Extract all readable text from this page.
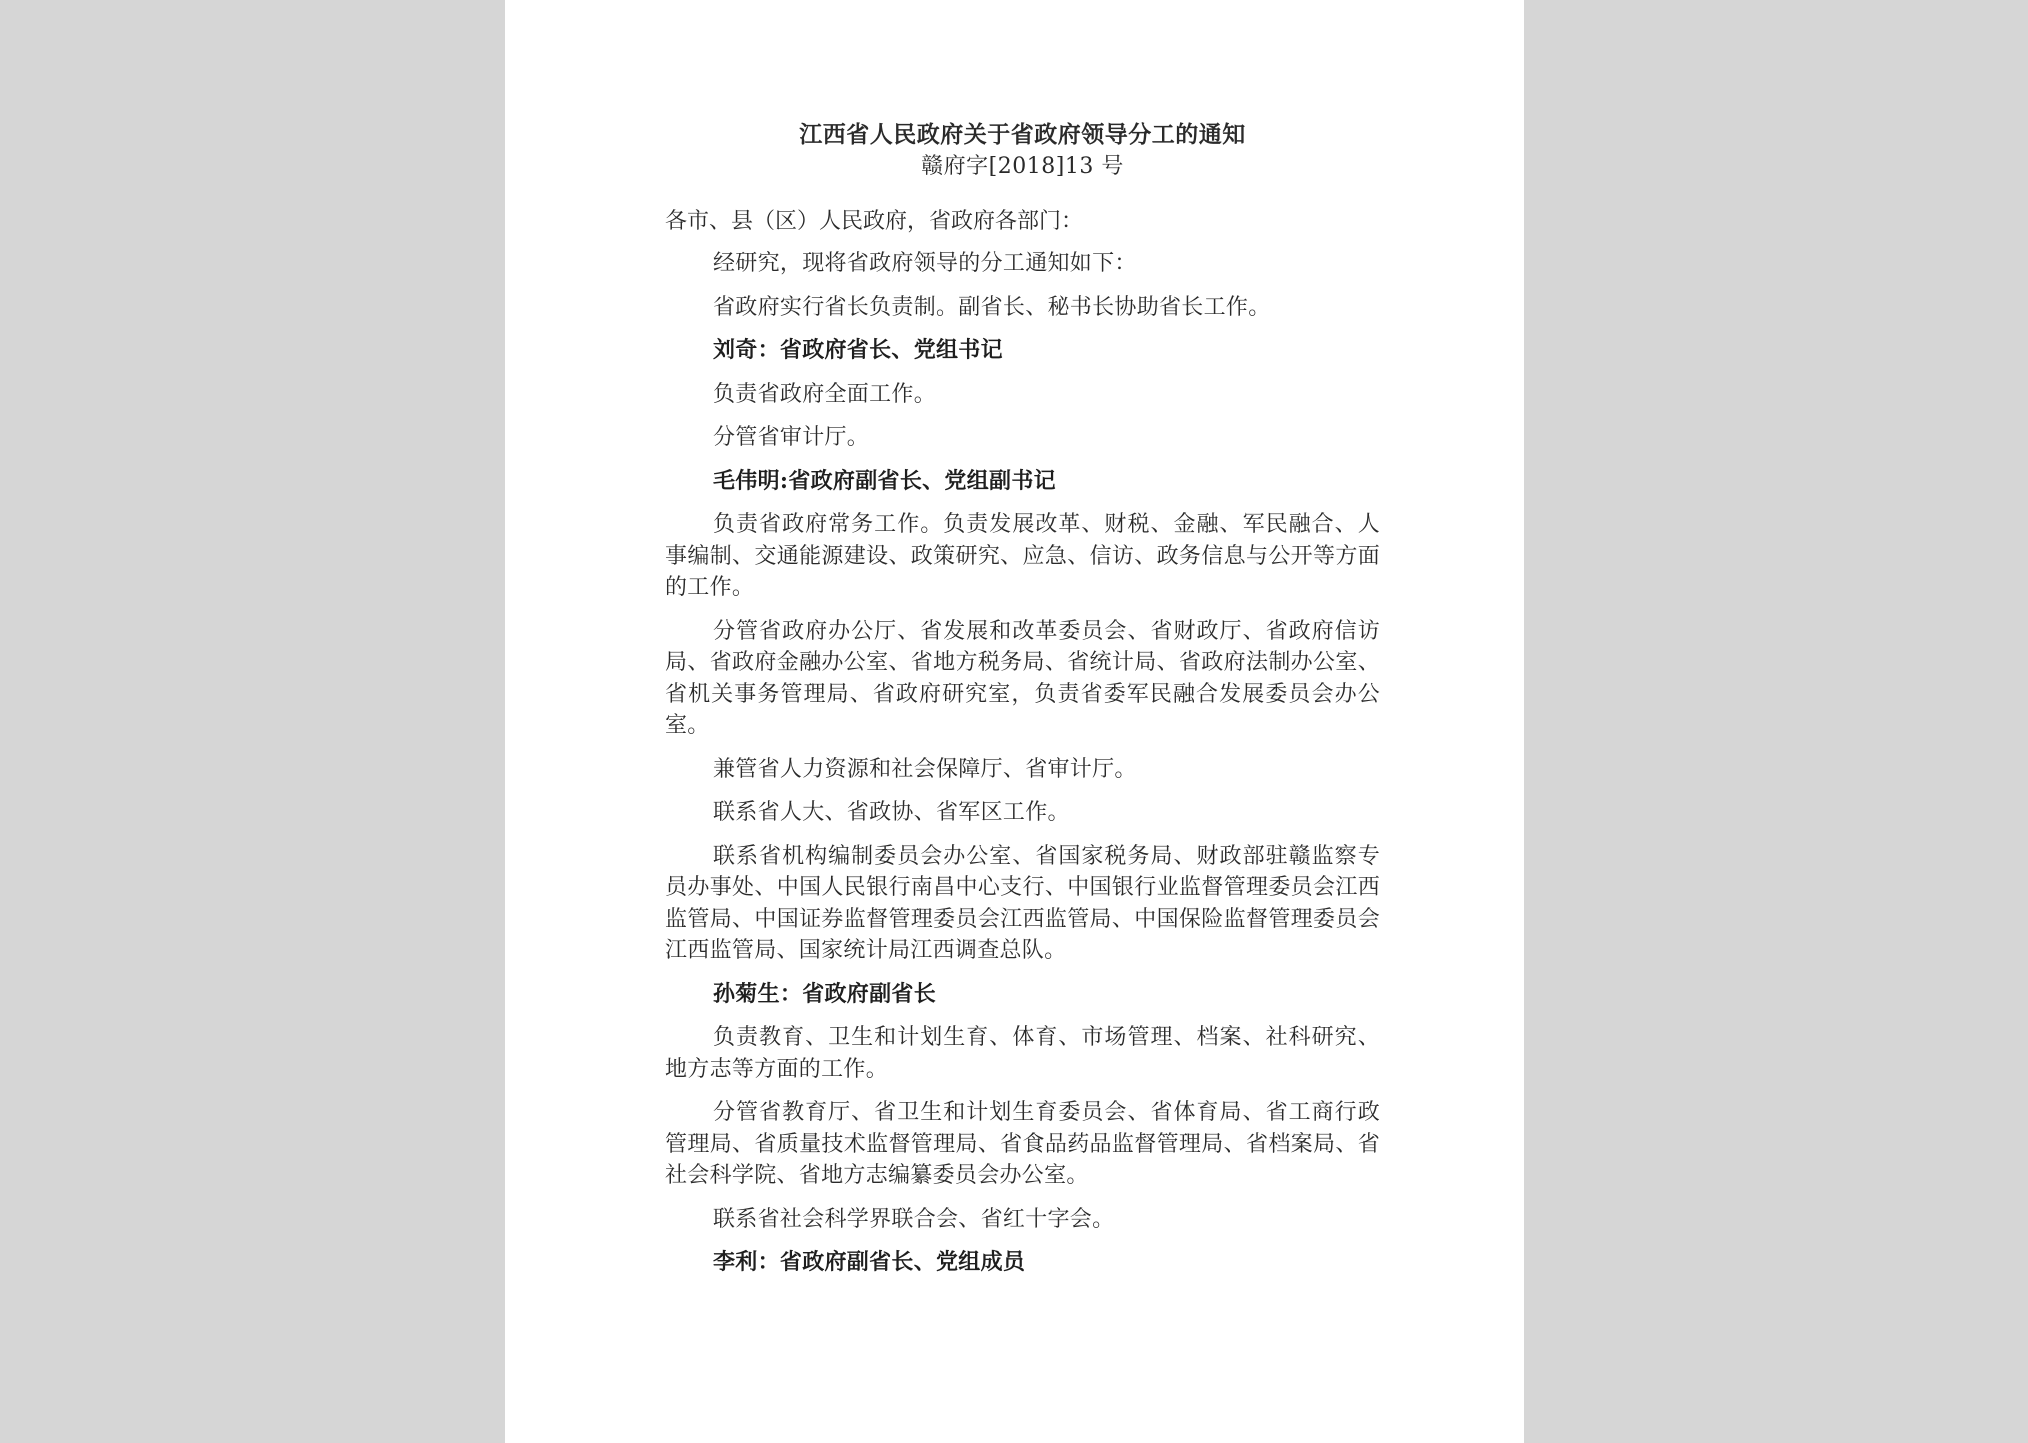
江西省人民政府关于省政府领导分工的通知
赣府字[2018]13 号
各市、县（区）人民政府，省政府各部门：

经研究，现将省政府领导的分工通知如下：

省政府实行省长负责制。副省长、秘书长协助省长工作。

刘奇：省政府省长、党组书记

负责省政府全面工作。

分管省审计厅。

毛伟明:省政府副省长、党组副书记

负责省政府常务工作。负责发展改革、财税、金融、军民融合、人事编制、交通能源建设、政策研究、应急、信访、政务信息与公开等方面的工作。

分管省政府办公厅、省发展和改革委员会、省财政厅、省政府信访局、省政府金融办公室、省地方税务局、省统计局、省政府法制办公室、省机关事务管理局、省政府研究室，负责省委军民融合发展委员会办公室。

兼管省人力资源和社会保障厅、省审计厅。

联系省人大、省政协、省军区工作。

联系省机构编制委员会办公室、省国家税务局、财政部驻赣监察专员办事处、中国人民银行南昌中心支行、中国银行业监督管理委员会江西监管局、中国证券监督管理委员会江西监管局、中国保险监督管理委员会江西监管局、国家统计局江西调查总队。

孙菊生：省政府副省长

负责教育、卫生和计划生育、体育、市场管理、档案、社科研究、地方志等方面的工作。

分管省教育厅、省卫生和计划生育委员会、省体育局、省工商行政管理局、省质量技术监督管理局、省食品药品监督管理局、省档案局、省社会科学院、省地方志编纂委员会办公室。

联系省社会科学界联合会、省红十字会。

李利：省政府副省长、党组成员
